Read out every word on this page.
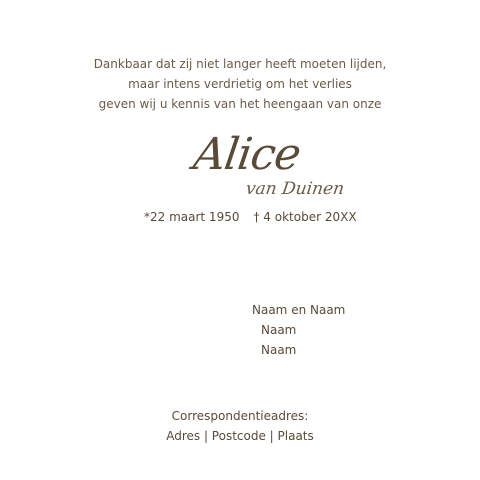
Dankbaar dat zij niet langer heeft moeten lijden,
maar intens verdrietig om het verlies
geven wij u kennis van het heengaan van onze
Alice
van Duinen
*22 maart 1950 † 4 oktober 20XX
Naam en Naam
Naam
Naam
Correspondentieadres:
Adres | Postcode | Plaats
